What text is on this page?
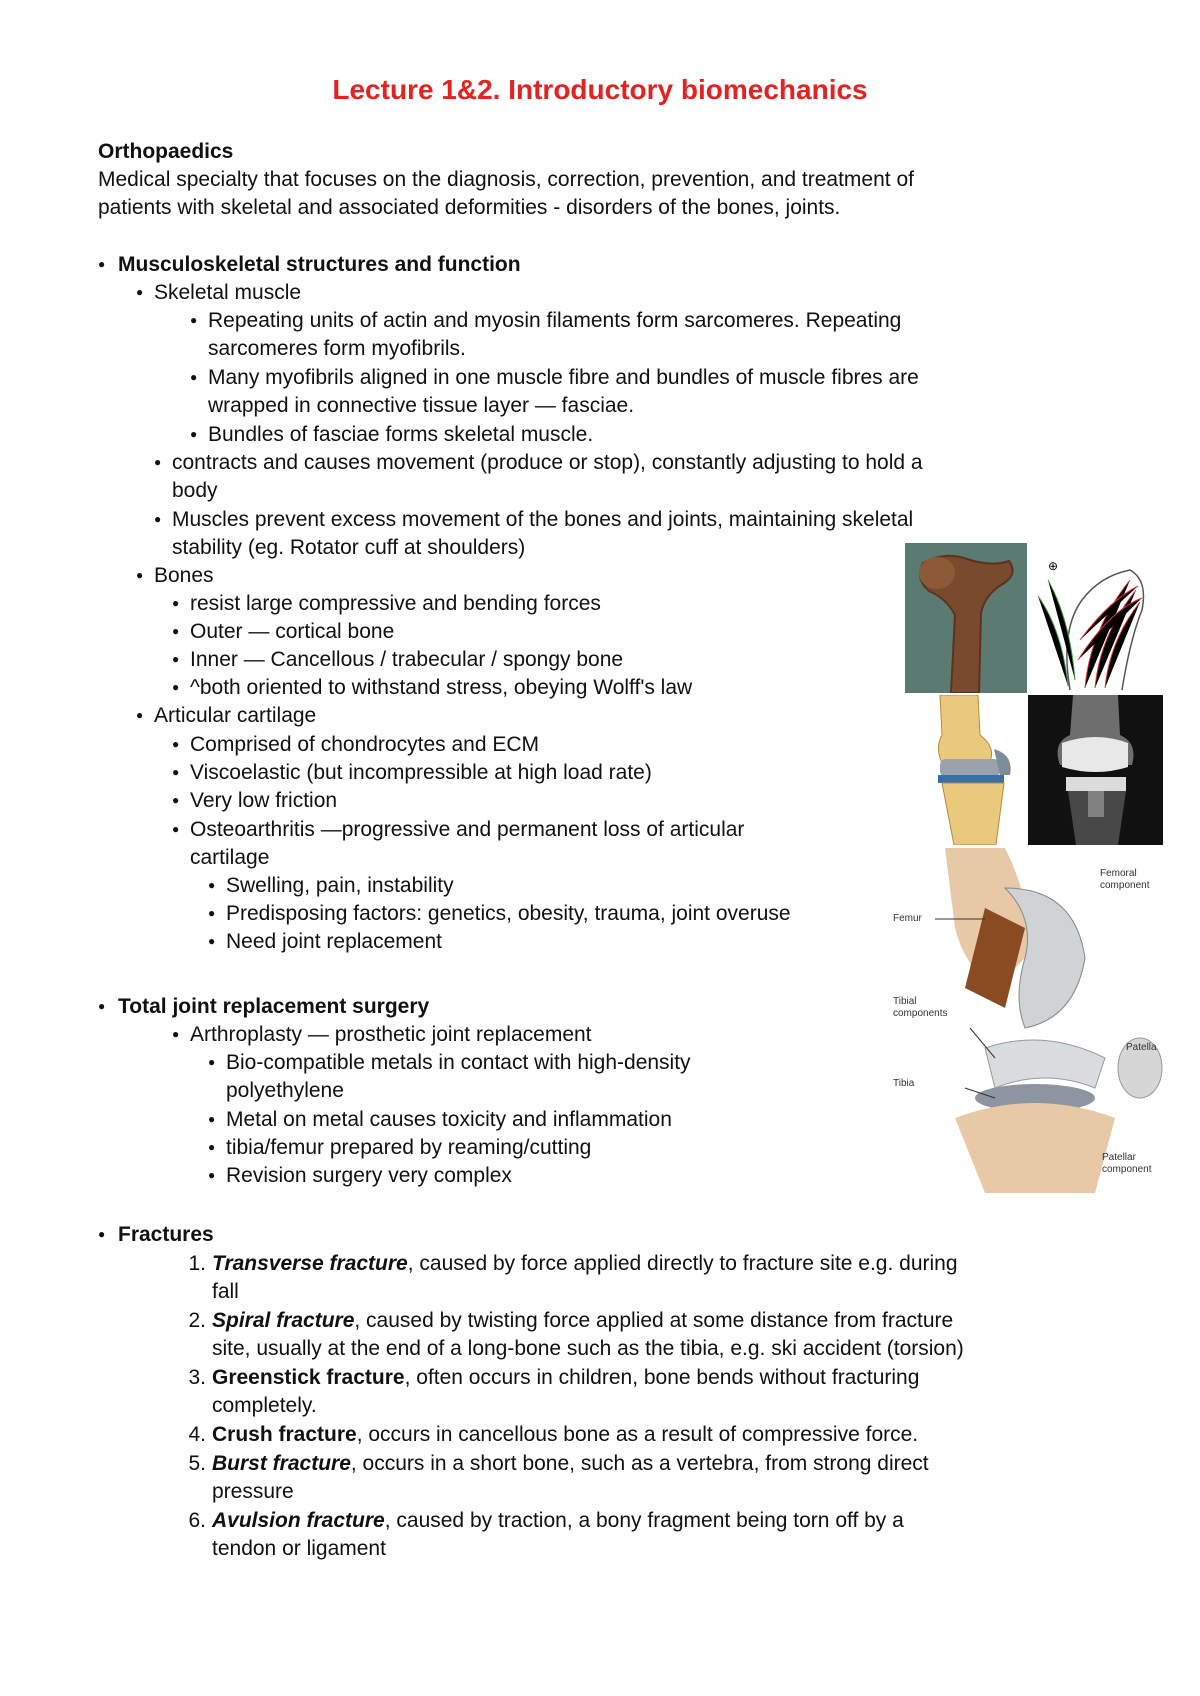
Lecture 1&2. Introductory biomechanics
Orthopaedics
Medical specialty that focuses on the diagnosis, correction, prevention, and treatment of
patients with skeletal and associated deformities - disorders of the bones, joints.
● Musculoskeletal structures and function
● Skeletal muscle
● Repeating units of actin and myosin filaments form sarcomeres. Repeating
sarcomeres form myofibrils.
● Many myofibrils aligned in one muscle fibre and bundles of muscle fibres are
wrapped in connective tissue layer — fasciae.
● Bundles of fasciae forms skeletal muscle.
● contracts and causes movement (produce or stop), constantly adjusting to hold a
body
● Muscles prevent excess movement of the bones and joints, maintaining skeletal
stability (eg. Rotator cuff at shoulders)
● Bones
● resist large compressive and bending forces
● Outer — cortical bone
● Inner — Cancellous / trabecular / spongy bone
● ^both oriented to withstand stress, obeying Wolff's law
● Articular cartilage
● Comprised of chondrocytes and ECM
● Viscoelastic (but incompressible at high load rate)
● Very low friction
● Osteoarthritis —progressive and permanent loss of articular
cartilage
● Swelling, pain, instability
● Predisposing factors: genetics, obesity, trauma, joint overuse
● Need joint replacement
● Total joint replacement surgery
● Arthroplasty — prosthetic joint replacement
● Bio-compatible metals in contact with high-density
polyethylene
● Metal on metal causes toxicity and inflammation
● tibia/femur prepared by reaming/cutting
● Revision surgery very complex
● Fractures
1. Transverse fracture, caused by force applied directly to fracture site e.g. during
fall
2. Spiral fracture, caused by twisting force applied at some distance from fracture
site, usually at the end of a long-bone such as the tibia, e.g. ski accident (torsion)
3. Greenstick fracture, often occurs in children, bone bends without fracturing
completely.
4. Crush fracture, occurs in cancellous bone as a result of compressive force.
5. Burst fracture, occurs in a short bone, such as a vertebra, from strong direct
pressure
6. Avulsion fracture, caused by traction, a bony fragment being torn off by a
tendon or ligament
⊕
Femoral
component
Femur
Tibial
components
Tibia
Patella
Patellar
component
